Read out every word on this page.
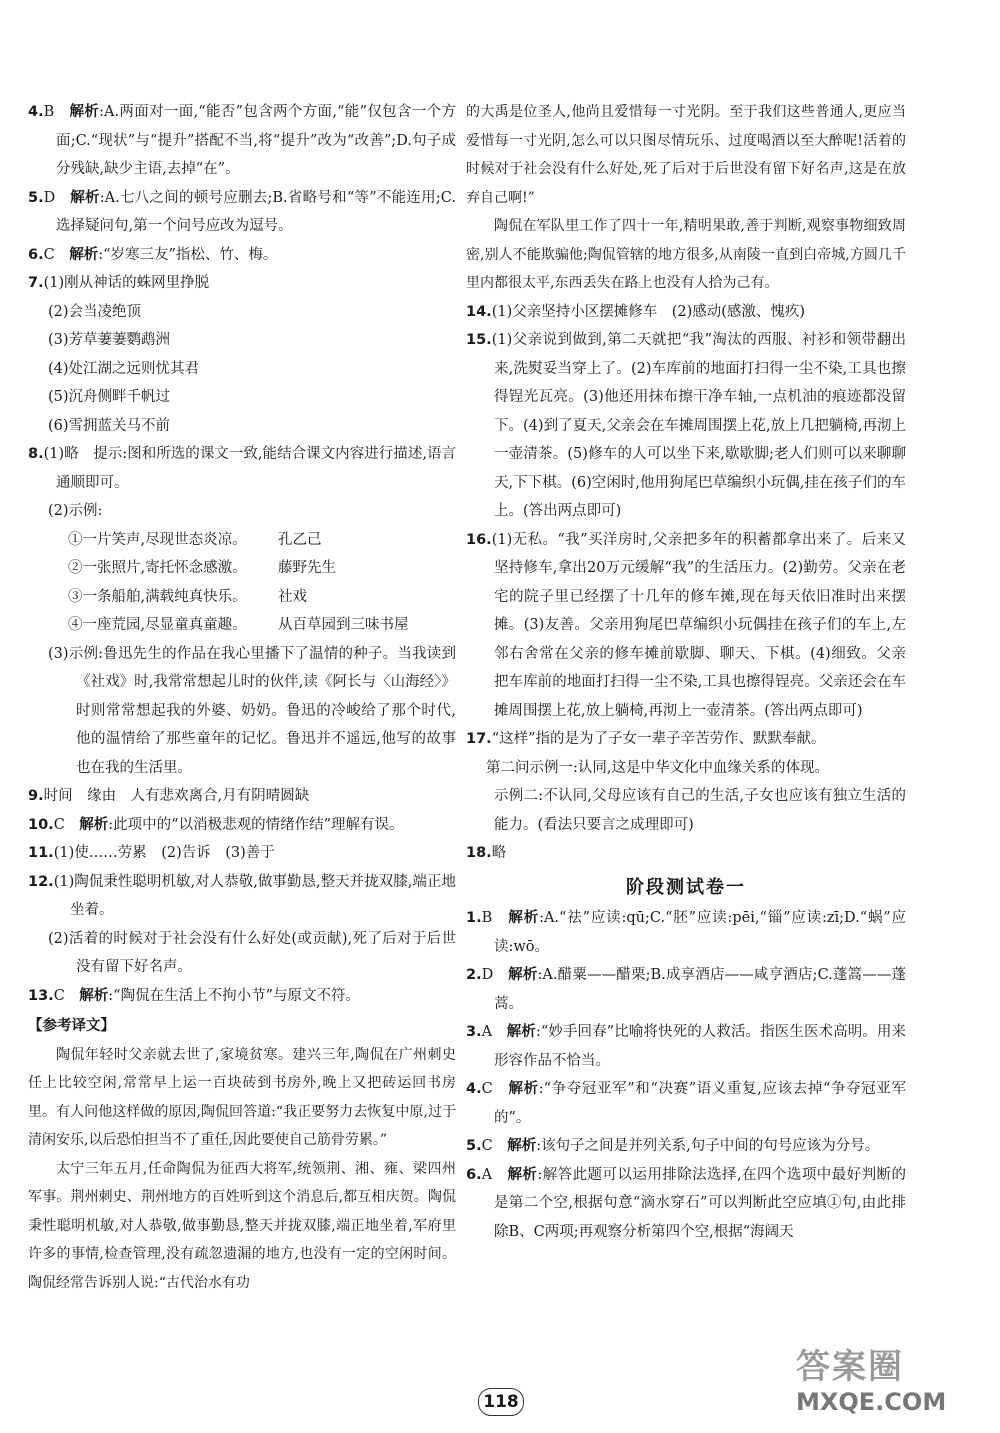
4.B　 解析:A.两面对一面,“能否”包含两个方面,“能”仅包含一个方面;C.“现状”与“提升”搭配不当,将“提升”改为“改善”;D.句子成分残缺,缺少主语,去掉“在”。

5.D　 解析:A.七八之间的顿号应删去;B.省略号和“等”不能连用;C.选择疑问句,第一个问号应改为逗号。

6.C　 解析:“岁寒三友”指松、竹、梅。

7.(1)刚从神话的蛛网里挣脱

(2)会当凌绝顶

(3)芳草萋萋鹦鹉洲

(4)处江湖之远则忧其君

(5)沉舟侧畔千帆过

(6)雪拥蓝关马不前

8.(1)略　提示:图和所选的课文一致,能结合课文内容进行描述,语言通顺即可。

(2)示例:

①一片笑声,尽现世态炎凉。	孔乙己
②一张照片,寄托怀念感激。	藤野先生
③一条船舶,满载纯真快乐。	社戏
④一座荒园,尽显童真童趣。	从百草园到三味书屋

(3)示例:鲁迅先生的作品在我心里播下了温情的种子。当我读到《社戏》时,我常常想起儿时的伙伴,读《阿长与〈山海经〉》时则常常想起我的外婆、奶奶。鲁迅的冷峻给了那个时代,他的温情给了那些童年的记忆。鲁迅并不遥远,他写的故事也在我的生活里。

9.时间　缘由　人有悲欢离合,月有阴晴圆缺

10.C　 解析:此项中的“以消极悲观的情绪作结”理解有误。

11.(1)使……劳累　(2)告诉　(3)善于

12.(1)陶侃秉性聪明机敏,对人恭敬,做事勤恳,整天并拢双膝,端正地坐着。

(2)活着的时候对于社会没有什么好处(或贡献),死了后对于后世没有留下好名声。

13.C　 解析:“陶侃在生活上不拘小节”与原文不符。

【参考译文】

陶侃年轻时父亲就去世了,家境贫寒。建兴三年,陶侃在广州刺史任上比较空闲,常常早上运一百块砖到书房外,晚上又把砖运回书房里。有人问他这样做的原因,陶侃回答道:“我正要努力去恢复中原,过于清闲安乐,以后恐怕担当不了重任,因此要使自己筋骨劳累。”

太宁三年五月,任命陶侃为征西大将军,统领荆、湘、雍、梁四州军事。荆州刺史、荆州地方的百姓听到这个消息后,都互相庆贺。陶侃秉性聪明机敏,对人恭敬,做事勤恳,整天并拢双膝,端正地坐着,军府里许多的事情,检查管理,没有疏忽遗漏的地方,也没有一定的空闲时间。陶侃经常告诉别人说:“古代治水有功

的大禹是位圣人,他尚且爱惜每一寸光阴。至于我们这些普通人,更应当爱惜每一寸光阴,怎么可以只图尽情玩乐、过度喝酒以至大醉呢!活着的时候对于社会没有什么好处,死了后对于后世没有留下好名声,这是在放弃自己啊!”

陶侃在军队里工作了四十一年,精明果敢,善于判断,观察事物细致周密,别人不能欺骗他;陶侃管辖的地方很多,从南陵一直到白帝城,方圆几千里内都很太平,东西丢失在路上也没有人拾为己有。

14.(1)父亲坚持小区摆摊修车　(2)感动(感激、愧疚)

15.(1)父亲说到做到,第二天就把“我”淘汰的西服、衬衫和领带翻出来,洗熨妥当穿上了。(2)车库前的地面打扫得一尘不染,工具也擦得锃光瓦亮。(3)他还用抹布擦干净车轴,一点机油的痕迹都没留下。(4)到了夏天,父亲会在车摊周围摆上花,放上几把躺椅,再沏上一壶清茶。(5)修车的人可以坐下来,歇歇脚;老人们则可以来聊聊天,下下棋。(6)空闲时,他用狗尾巴草编织小玩偶,挂在孩子们的车上。(答出两点即可)

16.(1)无私。“我”买洋房时,父亲把多年的积蓄都拿出来了。后来又坚持修车,拿出20万元缓解“我”的生活压力。(2)勤劳。父亲在老宅的院子里已经摆了十几年的修车摊,现在每天依旧准时出来摆摊。(3)友善。父亲用狗尾巴草编织小玩偶挂在孩子们的车上,左邻右舍常在父亲的修车摊前歇脚、聊天、下棋。(4)细致。父亲把车库前的地面打扫得一尘不染,工具也擦得锃亮。父亲还会在车摊周围摆上花,放上躺椅,再沏上一壶清茶。(答出两点即可)

17.“这样”指的是为了子女一辈子辛苦劳作、默默奉献。

第二问示例一:认同,这是中华文化中血缘关系的体现。

示例二:不认同,父母应该有自己的生活,子女也应该有独立生活的能力。(看法只要言之成理即可)

18.略

阶段测试卷一

1.B　 解析:A.“祛”应读:qū;C.“胚”应读:pēi,“锱”应读:zī;D.“蜗”应读:wō。

2.D　 解析:A.醋粟——醋栗;B.成享酒店——咸亨酒店;C.蓬篙——蓬蒿。

3.A　 解析:“妙手回春”比喻将快死的人救活。指医生医术高明。用来形容作品不恰当。

4.C　 解析:“争夺冠亚军”和“决赛”语义重复,应该去掉“争夺冠亚军的”。

5.C　 解析:该句子之间是并列关系,句子中间的句号应该为分号。

6.A　 解析:解答此题可以运用排除法选择,在四个选项中最好判断的是第二个空,根据句意“滴水穿石”可以判断此空应填①句,由此排除B、C两项;再观察分析第四个空,根据“海阔天

118
答案圈
MXQE.COM
